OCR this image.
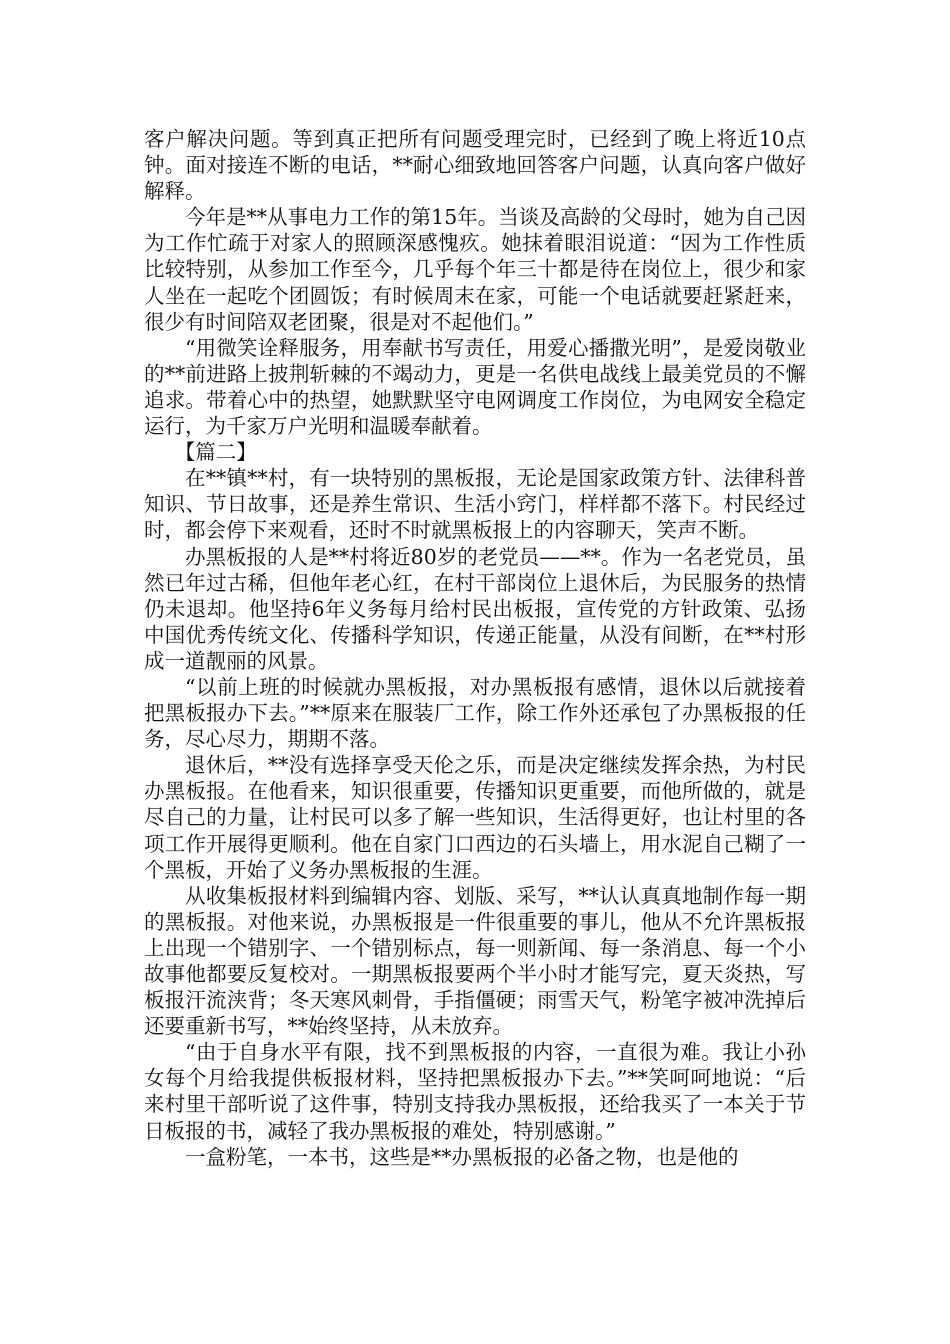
客户解决问题。等到真正把所有问题受理完时，已经到了晚上将近10点钟。面对接连不断的电话，**耐心细致地回答客户问题，认真向客户做好解释。

今年是**从事电力工作的第15年。当谈及高龄的父母时，她为自己因为工作忙疏于对家人的照顾深感愧疚。她抹着眼泪说道：“因为工作性质比较特别，从参加工作至今，几乎每个年三十都是待在岗位上，很少和家人坐在一起吃个团圆饭；有时候周末在家，可能一个电话就要赶紧赶来，很少有时间陪双老团聚，很是对不起他们。”

“用微笑诠释服务，用奉献书写责任，用爱心播撒光明”，是爱岗敬业的**前进路上披荆斩棘的不竭动力，更是一名供电战线上最美党员的不懈追求。带着心中的热望，她默默坚守电网调度工作岗位，为电网安全稳定运行，为千家万户光明和温暖奉献着。

【篇二】

在**镇**村，有一块特别的黑板报，无论是国家政策方针、法律科普知识、节日故事，还是养生常识、生活小窍门，样样都不落下。村民经过时，都会停下来观看，还时不时就黑板报上的内容聊天，笑声不断。

办黑板报的人是**村将近80岁的老党员——**。作为一名老党员，虽然已年过古稀，但他年老心红，在村干部岗位上退休后，为民服务的热情仍未退却。他坚持6年义务每月给村民出板报，宣传党的方针政策、弘扬中国优秀传统文化、传播科学知识，传递正能量，从没有间断，在**村形成一道靓丽的风景。

“以前上班的时候就办黑板报，对办黑板报有感情，退休以后就接着把黑板报办下去。”**原来在服装厂工作，除工作外还承包了办黑板报的任务，尽心尽力，期期不落。

退休后，**没有选择享受天伦之乐，而是决定继续发挥余热，为村民办黑板报。在他看来，知识很重要，传播知识更重要，而他所做的，就是尽自己的力量，让村民可以多了解一些知识，生活得更好，也让村里的各项工作开展得更顺利。他在自家门口西边的石头墙上，用水泥自己糊了一个黑板，开始了义务办黑板报的生涯。

从收集板报材料到编辑内容、划版、采写，**认认真真地制作每一期的黑板报。对他来说，办黑板报是一件很重要的事儿，他从不允许黑板报上出现一个错别字、一个错别标点，每一则新闻、每一条消息、每一个小故事他都要反复校对。一期黑板报要两个半小时才能写完，夏天炎热，写板报汗流浃背；冬天寒风刺骨，手指僵硬；雨雪天气，粉笔字被冲洗掉后还要重新书写，**始终坚持，从未放弃。

“由于自身水平有限，找不到黑板报的内容，一直很为难。我让小孙女每个月给我提供板报材料，坚持把黑板报办下去。”**笑呵呵地说：“后来村里干部听说了这件事，特别支持我办黑板报，还给我买了一本关于节日板报的书，减轻了我办黑板报的难处，特别感谢。”

一盒粉笔，一本书，这些是**办黑板报的必备之物，也是他的
